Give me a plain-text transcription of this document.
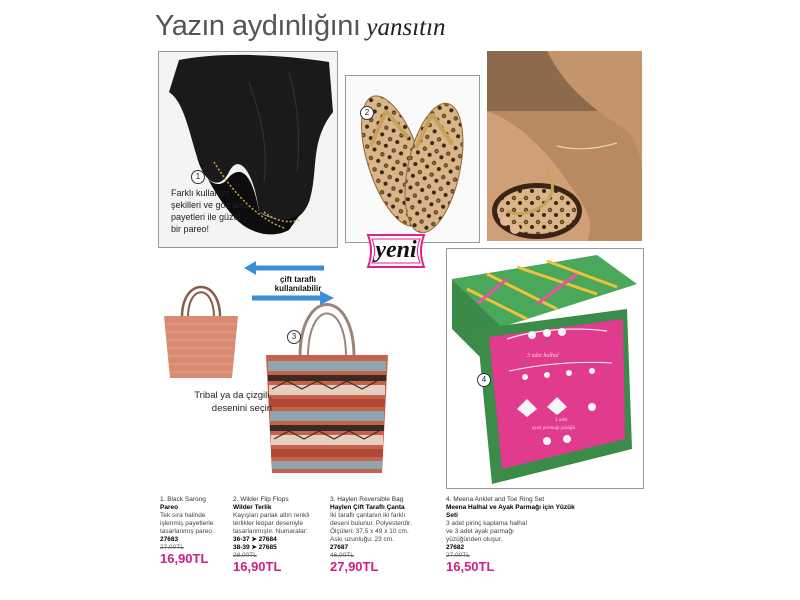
Yazın aydınlığını yansıtın
1
Farklı kullanım
şekilleri ve göz alıcı
payetleri ile güzel
bir pareo!
2
3 adet halhal
3 adet
ayak parmağı yüzüğü
4
yeni
çift taraflı
kullanılabilir
3
Tribal ya da çizgili,
desenini seçin
1. Black Sarong
Pareo
Tek sıra halinde
işlenmiş payetlerle
tasarlanmış pareo.
27683
27,00TL
16,90TL
2. Wilder Flip Flops
Wilder Terlik
Kayışları parlak altın renkli
terlikler leopar deseniyle
tasarlanmıştır. Numaralar:
36-37 ➤ 27684
38-39 ➤ 27685
28,00TL
16,90TL
3. Haylen Reversible Bag
Haylen Çift Taraflı Çanta
İki taraflı çantanın iki farklı
deseni bulunur. Polyesterdir.
Ölçüleri: 37,5 x 49 x 10 cm.
Askı uzunluğu: 23 cm.
27687
46,00TL
27,90TL
4. Meena Anklet and Toe Ring Set
Meena Halhal ve Ayak Parmağı için Yüzük Seti
3 adet pirinç kaplama halhal
ve 3 adet ayak parmağı
yüzüğünden oluşur.
27682
27,00TL
16,50TL
